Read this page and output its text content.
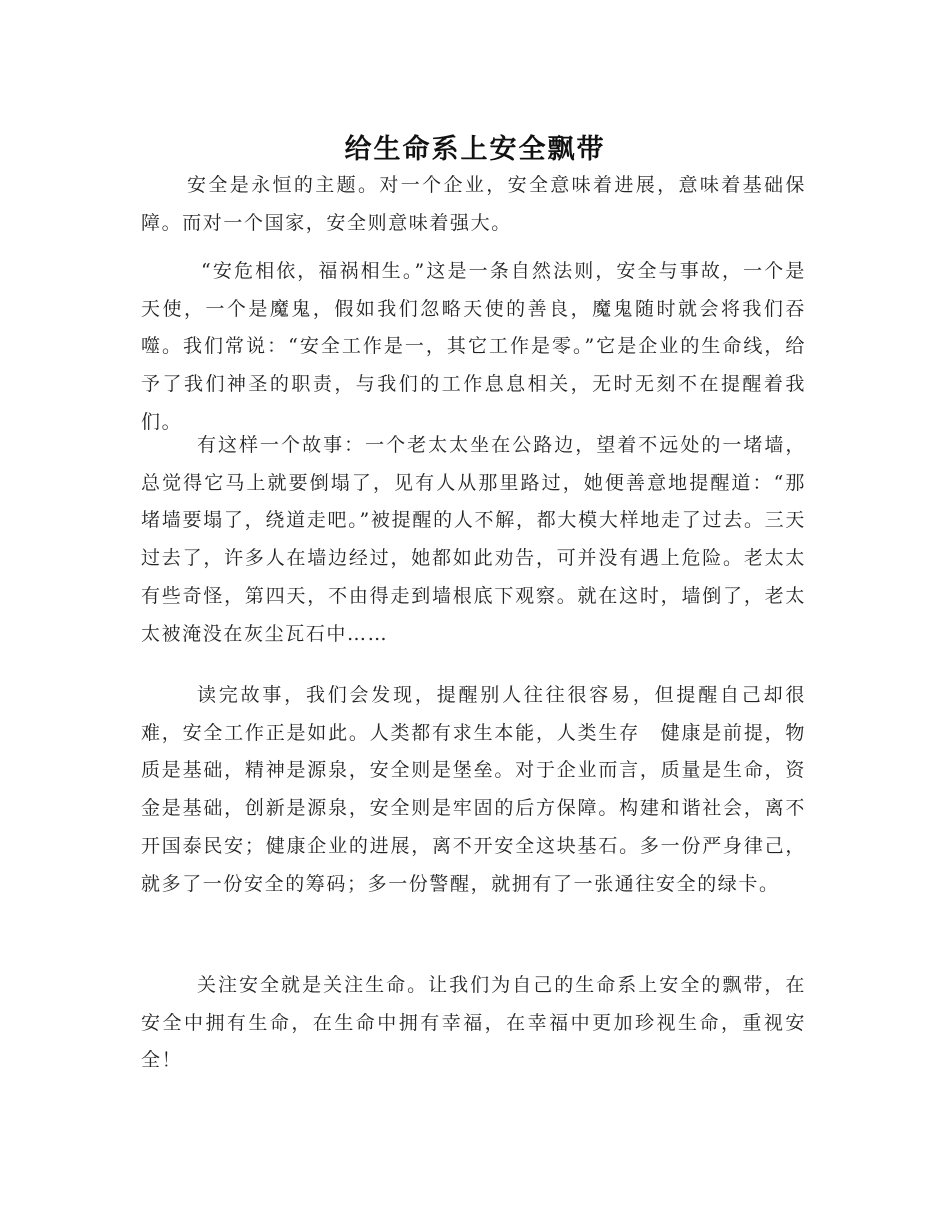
给生命系上安全飘带

安全是永恒的主题。对一个企业，安全意味着进展，意味着基础保障。而对一个国家，安全则意味着强大。

“安危相依，福祸相生。”这是一条自然法则，安全与事故，一个是天使，一个是魔鬼，假如我们忽略天使的善良，魔鬼随时就会将我们吞噬。我们常说：“安全工作是一，其它工作是零。”它是企业的生命线，给予了我们神圣的职责，与我们的工作息息相关，无时无刻不在提醒着我们。

有这样一个故事：一个老太太坐在公路边，望着不远处的一堵墙，总觉得它马上就要倒塌了，见有人从那里路过，她便善意地提醒道：“那堵墙要塌了，绕道走吧。”被提醒的人不解，都大模大样地走了过去。三天过去了，许多人在墙边经过，她都如此劝告，可并没有遇上危险。老太太有些奇怪，第四天，不由得走到墙根底下观察。就在这时，墙倒了，老太太被淹没在灰尘瓦石中……

读完故事，我们会发现，提醒别人往往很容易，但提醒自己却很难，安全工作正是如此。人类都有求生本能，人类生存　健康是前提，物质是基础，精神是源泉，安全则是堡垒。对于企业而言，质量是生命，资金是基础，创新是源泉，安全则是牢固的后方保障。构建和谐社会，离不开国泰民安；健康企业的进展，离不开安全这块基石。多一份严身律己，就多了一份安全的筹码；多一份警醒，就拥有了一张通往安全的绿卡。

关注安全就是关注生命。让我们为自己的生命系上安全的飘带，在安全中拥有生命，在生命中拥有幸福，在幸福中更加珍视生命，重视安全！
